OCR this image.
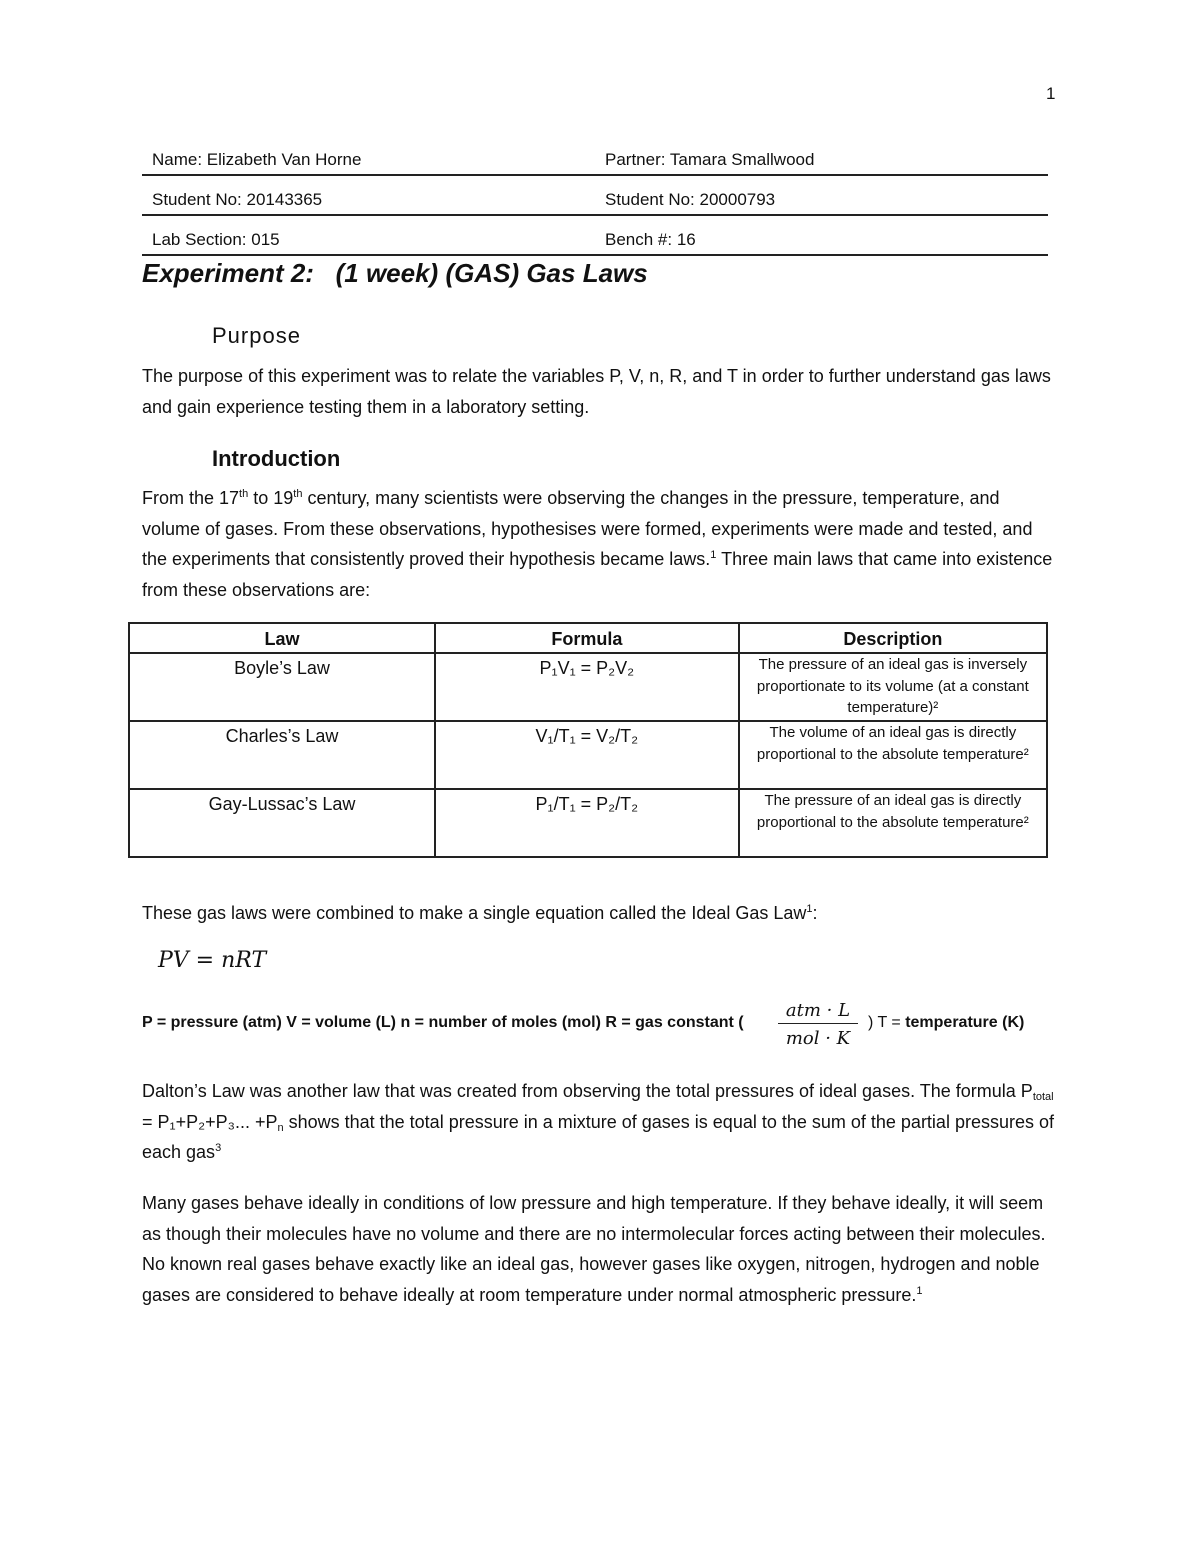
1
Name: Elizabeth Van Horne	Partner: Tamara Smallwood
Student No: 20143365	Student No: 20000793
Lab Section: 015	Bench #: 16
Experiment 2:   (1 week) (GAS) Gas Laws
Purpose
The purpose of this experiment was to relate the variables P, V, n, R, and T in order to further understand gas laws and gain experience testing them in a laboratory setting.
Introduction
From the 17th to 19th century, many scientists were observing the changes in the pressure, temperature, and volume of gases. From these observations, hypothesises were formed, experiments were made and tested, and the experiments that consistently proved their hypothesis became laws.$^1$ Three main laws that came into existence from these observations are:
Law	Formula	Description
Boyle’s Law	P₁V₁ = P₂V₂	The pressure of an ideal gas is inversely proportionate to its volume (at a constant temperature)²
Charles’s Law	V₁/T₁ = V₂/T₂	The volume of an ideal gas is directly proportional to the absolute temperature²
Gay-Lussac’s Law	P₁/T₁ = P₂/T₂	The pressure of an ideal gas is directly proportional to the absolute temperature²
These gas laws were combined to make a single equation called the Ideal Gas Law$^1$:
PV = nRT
P = pressure (atm) V = volume (L) n = number of moles (mol) R = gas constant (
atm · L
mol · K
) T = temperature (K)
Dalton’s Law was another law that was created from observing the total pressures of ideal gases. The formula $P_{total} = P_1+P_2+P_3$... $+P_n$ shows that the total pressure in a mixture of gases is equal to the sum of the partial pressures of each gas$^3$
Many gases behave ideally in conditions of low pressure and high temperature. If they behave ideally, it will seem as though their molecules have no volume and there are no intermolecular forces acting between their molecules. No known real gases behave exactly like an ideal gas, however gases like oxygen, nitrogen, hydrogen and noble gases are considered to behave ideally at room temperature under normal atmospheric pressure.$^1$
